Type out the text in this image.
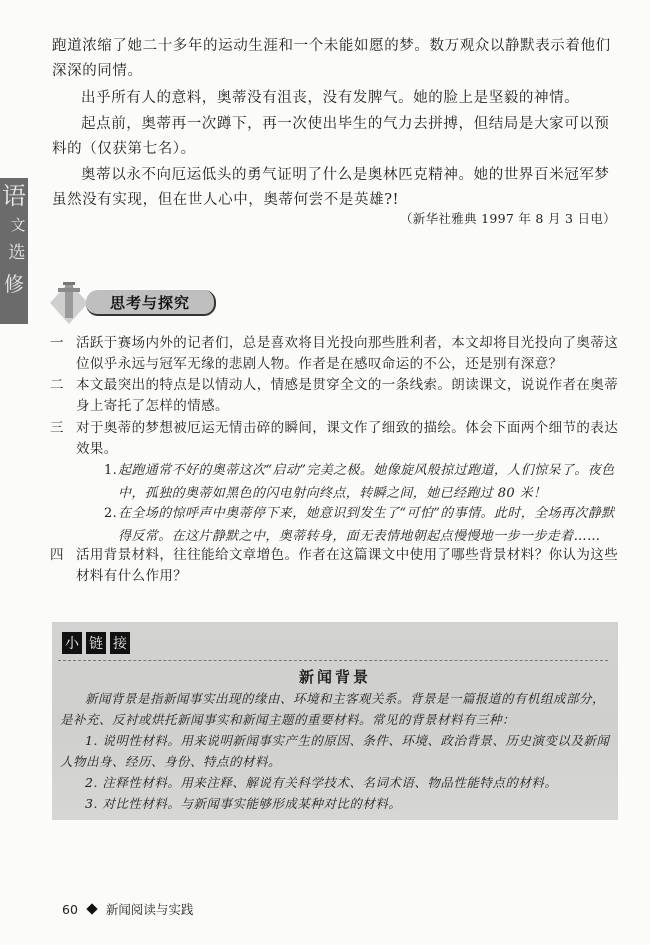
跑道浓缩了她二十多年的运动生涯和一个未能如愿的梦。数万观众以静默表示着他们深深的同情。

出乎所有人的意料，奥蒂没有沮丧，没有发脾气。她的脸上是坚毅的神情。

起点前，奥蒂再一次蹲下，再一次使出毕生的气力去拼搏，但结局是大家可以预料的（仅获第七名）。

奥蒂以永不向厄运低头的勇气证明了什么是奥林匹克精神。她的世界百米冠军梦虽然没有实现，但在世人心中，奥蒂何尝不是英雄?!

（新华社雅典 1997 年 8 月 3 日电）
语
文
选
修
思考与探究
一 活跃于赛场内外的记者们，总是喜欢将目光投向那些胜利者，本文却将目光投向了奥蒂这位似乎永远与冠军无缘的悲剧人物。作者是在感叹命运的不公，还是别有深意？
二 本文最突出的特点是以情动人，情感是贯穿全文的一条线索。朗读课文，说说作者在奥蒂身上寄托了怎样的情感。
三 对于奥蒂的梦想被厄运无情击碎的瞬间，课文作了细致的描绘。体会下面两个细节的表达效果。
1. 起跑通常不好的奥蒂这次“启动”完美之极。她像旋风般掠过跑道，人们惊呆了。夜色中，孤独的奥蒂如黑色的闪电射向终点，转瞬之间，她已经跑过 80 米！
2. 在全场的惊呼声中奥蒂停下来，她意识到发生了“可怕”的事情。此时，全场再次静默得反常。在这片静默之中，奥蒂转身，面无表情地朝起点慢慢地一步一步走着……
四 活用背景材料，往往能给文章增色。作者在这篇课文中使用了哪些背景材料？你认为这些材料有什么作用？
小 链 接
新闻背景

新闻背景是指新闻事实出现的缘由、环境和主客观关系。背景是一篇报道的有机组成部分，是补充、反衬或烘托新闻事实和新闻主题的重要材料。常见的背景材料有三种：

1. 说明性材料。用来说明新闻事实产生的原因、条件、环境、政治背景、历史演变以及新闻人物出身、经历、身份、特点的材料。

2. 注释性材料。用来注释、解说有关科学技术、名词术语、物品性能特点的材料。

3. 对比性材料。与新闻事实能够形成某种对比的材料。

60 新闻阅读与实践
